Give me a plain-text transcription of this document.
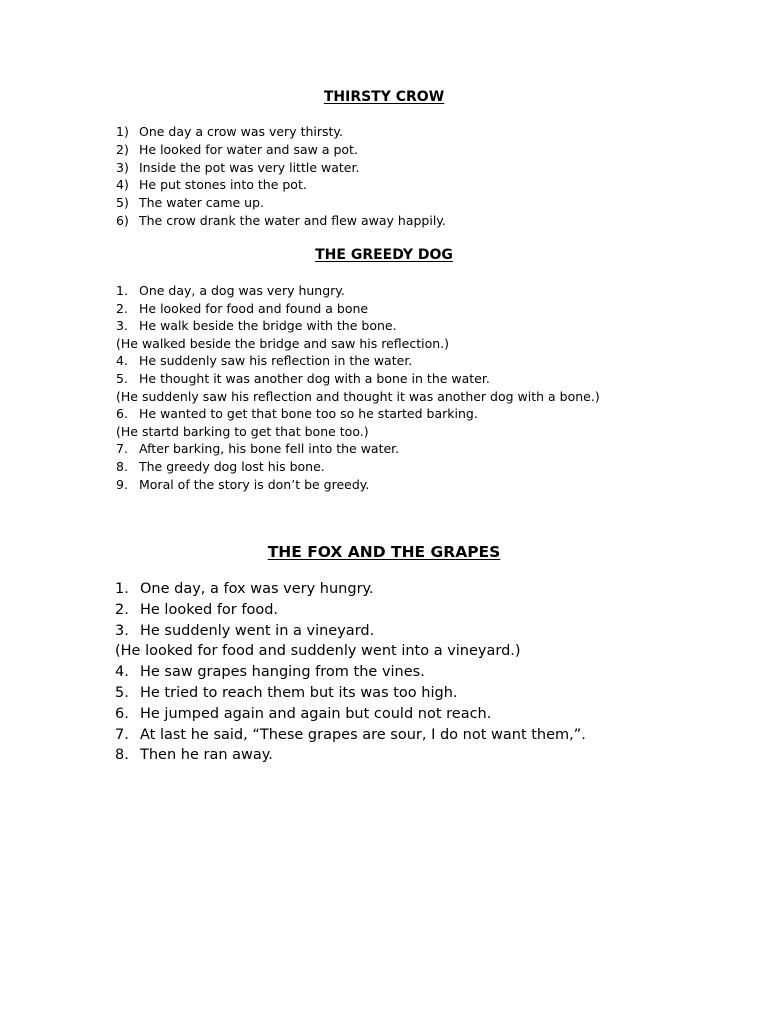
THIRSTY CROW
1) One day a crow was very thirsty.
2) He looked for water and saw a pot.
3) Inside the pot was very little water.
4) He put stones into the pot.
5) The water came up.
6) The crow drank the water and flew away happily.
THE GREEDY DOG
1. One day, a dog was very hungry.
2. He looked for food and found a bone
3. He walk beside the bridge with the bone.
(He walked beside the bridge and saw his reflection.)
4. He suddenly saw his reflection in the water.
5. He thought it was another dog with a bone in the water.
(He suddenly saw his reflection and thought it was another dog with a bone.)
6. He wanted to get that bone too so he started barking.
(He startd barking to get that bone too.)
7. After barking, his bone fell into the water.
8. The greedy dog lost his bone.
9. Moral of the story is don’t be greedy.
THE FOX AND THE GRAPES
1. One day, a fox was very hungry.
2. He looked for food.
3. He suddenly went in a vineyard.
(He looked for food and suddenly went into a vineyard.)
4. He saw grapes hanging from the vines.
5. He tried to reach them but its was too high.
6. He jumped again and again but could not reach.
7. At last he said, “These grapes are sour, I do not want them,”.
8. Then he ran away.
